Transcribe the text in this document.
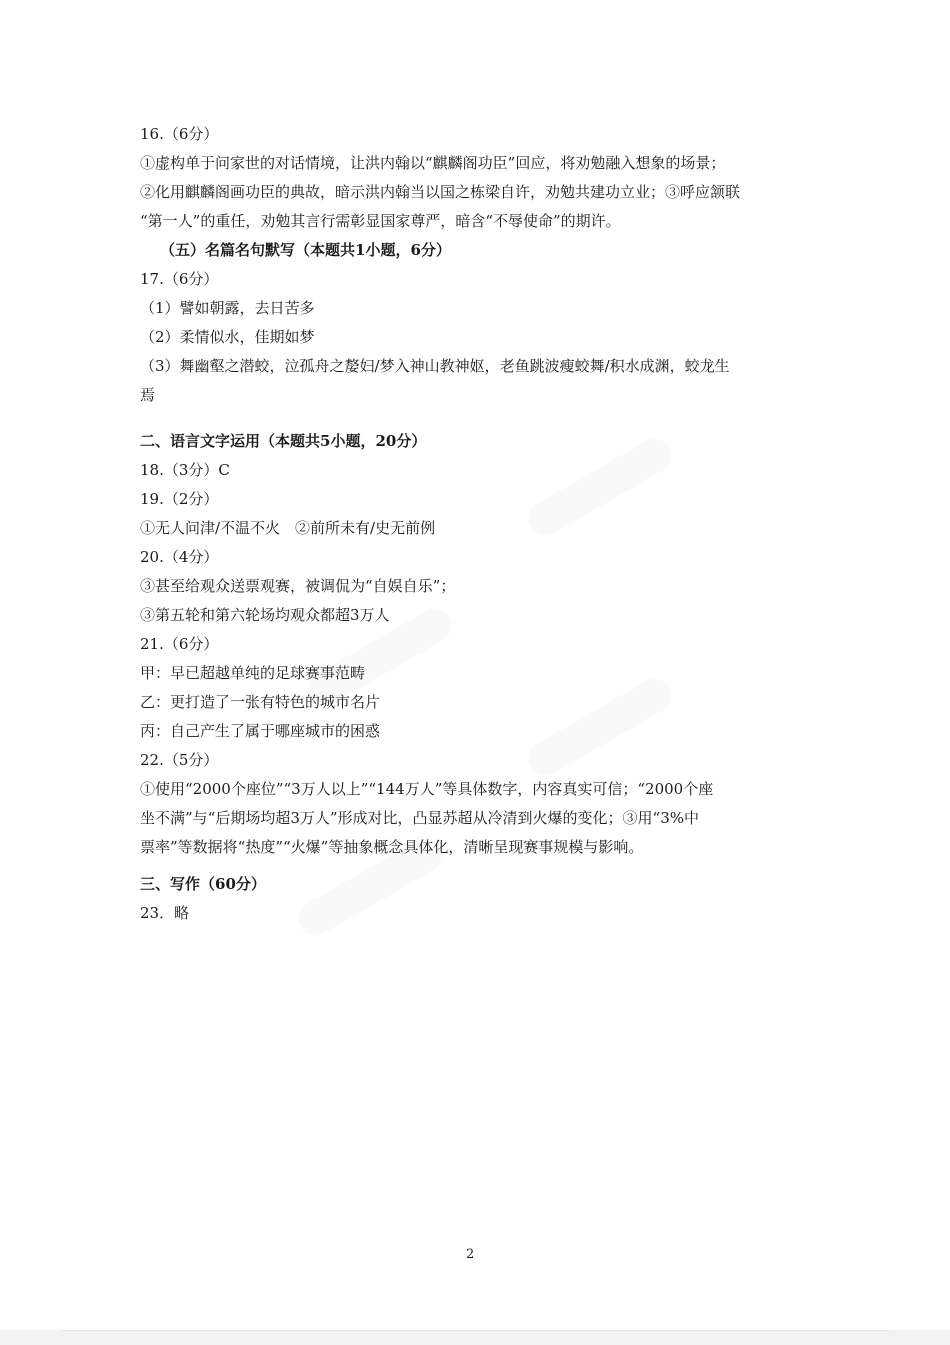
16.（6分）
①虚构单于问家世的对话情境，让洪内翰以“麒麟阁功臣”回应，将劝勉融入想象的场景；
②化用麒麟阁画功臣的典故，暗示洪内翰当以国之栋梁自许，劝勉共建功立业；③呼应颔联
“第一人”的重任，劝勉其言行需彰显国家尊严，暗含“不辱使命”的期许。
（五）名篇名句默写（本题共1小题，6分）
17.（6分）
（1）譬如朝露，去日苦多
（2）柔情似水，佳期如梦
（3）舞幽壑之潜蛟，泣孤舟之嫠妇/梦入神山教神妪，老鱼跳波瘦蛟舞/积水成渊，蛟龙生
焉
二、语言文字运用（本题共5小题，20分）
18.（3分）C
19.（2分）
①无人问津/不温不火　②前所未有/史无前例
20.（4分）
③甚至给观众送票观赛，被调侃为“自娱自乐”；
③第五轮和第六轮场均观众都超3万人
21.（6分）
甲：早已超越单纯的足球赛事范畴
乙：更打造了一张有特色的城市名片
丙：自己产生了属于哪座城市的困惑
22.（5分）
①使用“2000个座位”“3万人以上”“144万人”等具体数字，内容真实可信；“2000个座
坐不满”与“后期场均超3万人”形成对比，凸显苏超从冷清到火爆的变化；③用“3%中
票率”等数据将“热度”“火爆”等抽象概念具体化，清晰呈现赛事规模与影响。
三、写作（60分）
23．略
2
